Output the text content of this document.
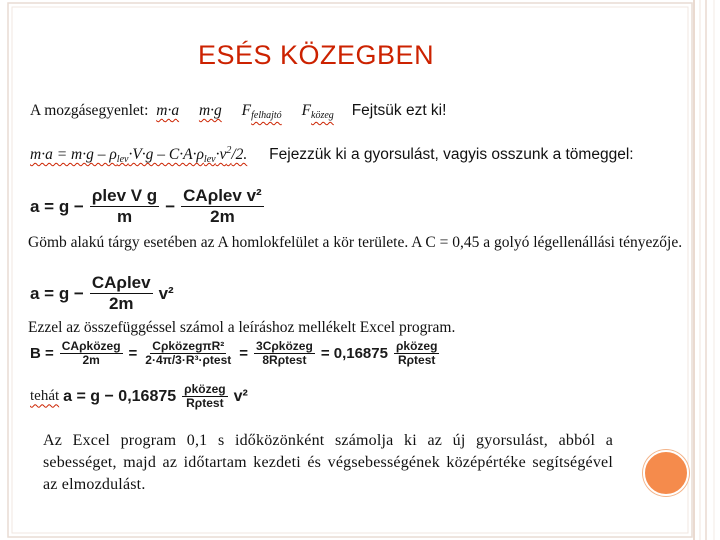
ESÉS KÖZEGBEN
A mozgásegyenlet: m·a m·g $F_{felhajtó}$ $F_{közeg}$ Fejtsük ezt ki!
$m\cdot a = m\cdot g - \rho_{lev}\cdot V\cdot g - C\cdot A\cdot\rho_{lev}\cdot v^2/2$. Fejezzük ki a gyorsulást, vagyis osszunk a tömeggel:
$a = g - \frac{\text{ρlev V g}}{m} - \frac{\text{CAρlev v²}}{2m}$
Gömb alakú tárgy esetében az A homlokfelület a kör területe. A C = 0,45 a golyó légellenállási tényezője.
$a = g - \frac{\text{CAρlev}}{2m} v^2$
Ezzel az összefüggéssel számol a leíráshoz mellékelt Excel program.
$B = \frac{\text{CAρközeg}}{2m} = \frac{\text{CρközegπR²}}{\text{2·4π/3·R³·ρtest}} = \frac{\text{3Cρközeg}}{\text{8Rρtest}} = 0,16875 \frac{\text{ρközeg}}{\text{Rρtest}}$
tehát $a = g - 0,16875 \frac{\text{ρközeg}}{\text{Rρtest}} v^2$
Az Excel program 0,1 s időközönként számolja ki az új gyorsulást, abból a sebességet, majd az időtartam kezdeti és végsebességének középértéke segítségével az elmozdulást.
